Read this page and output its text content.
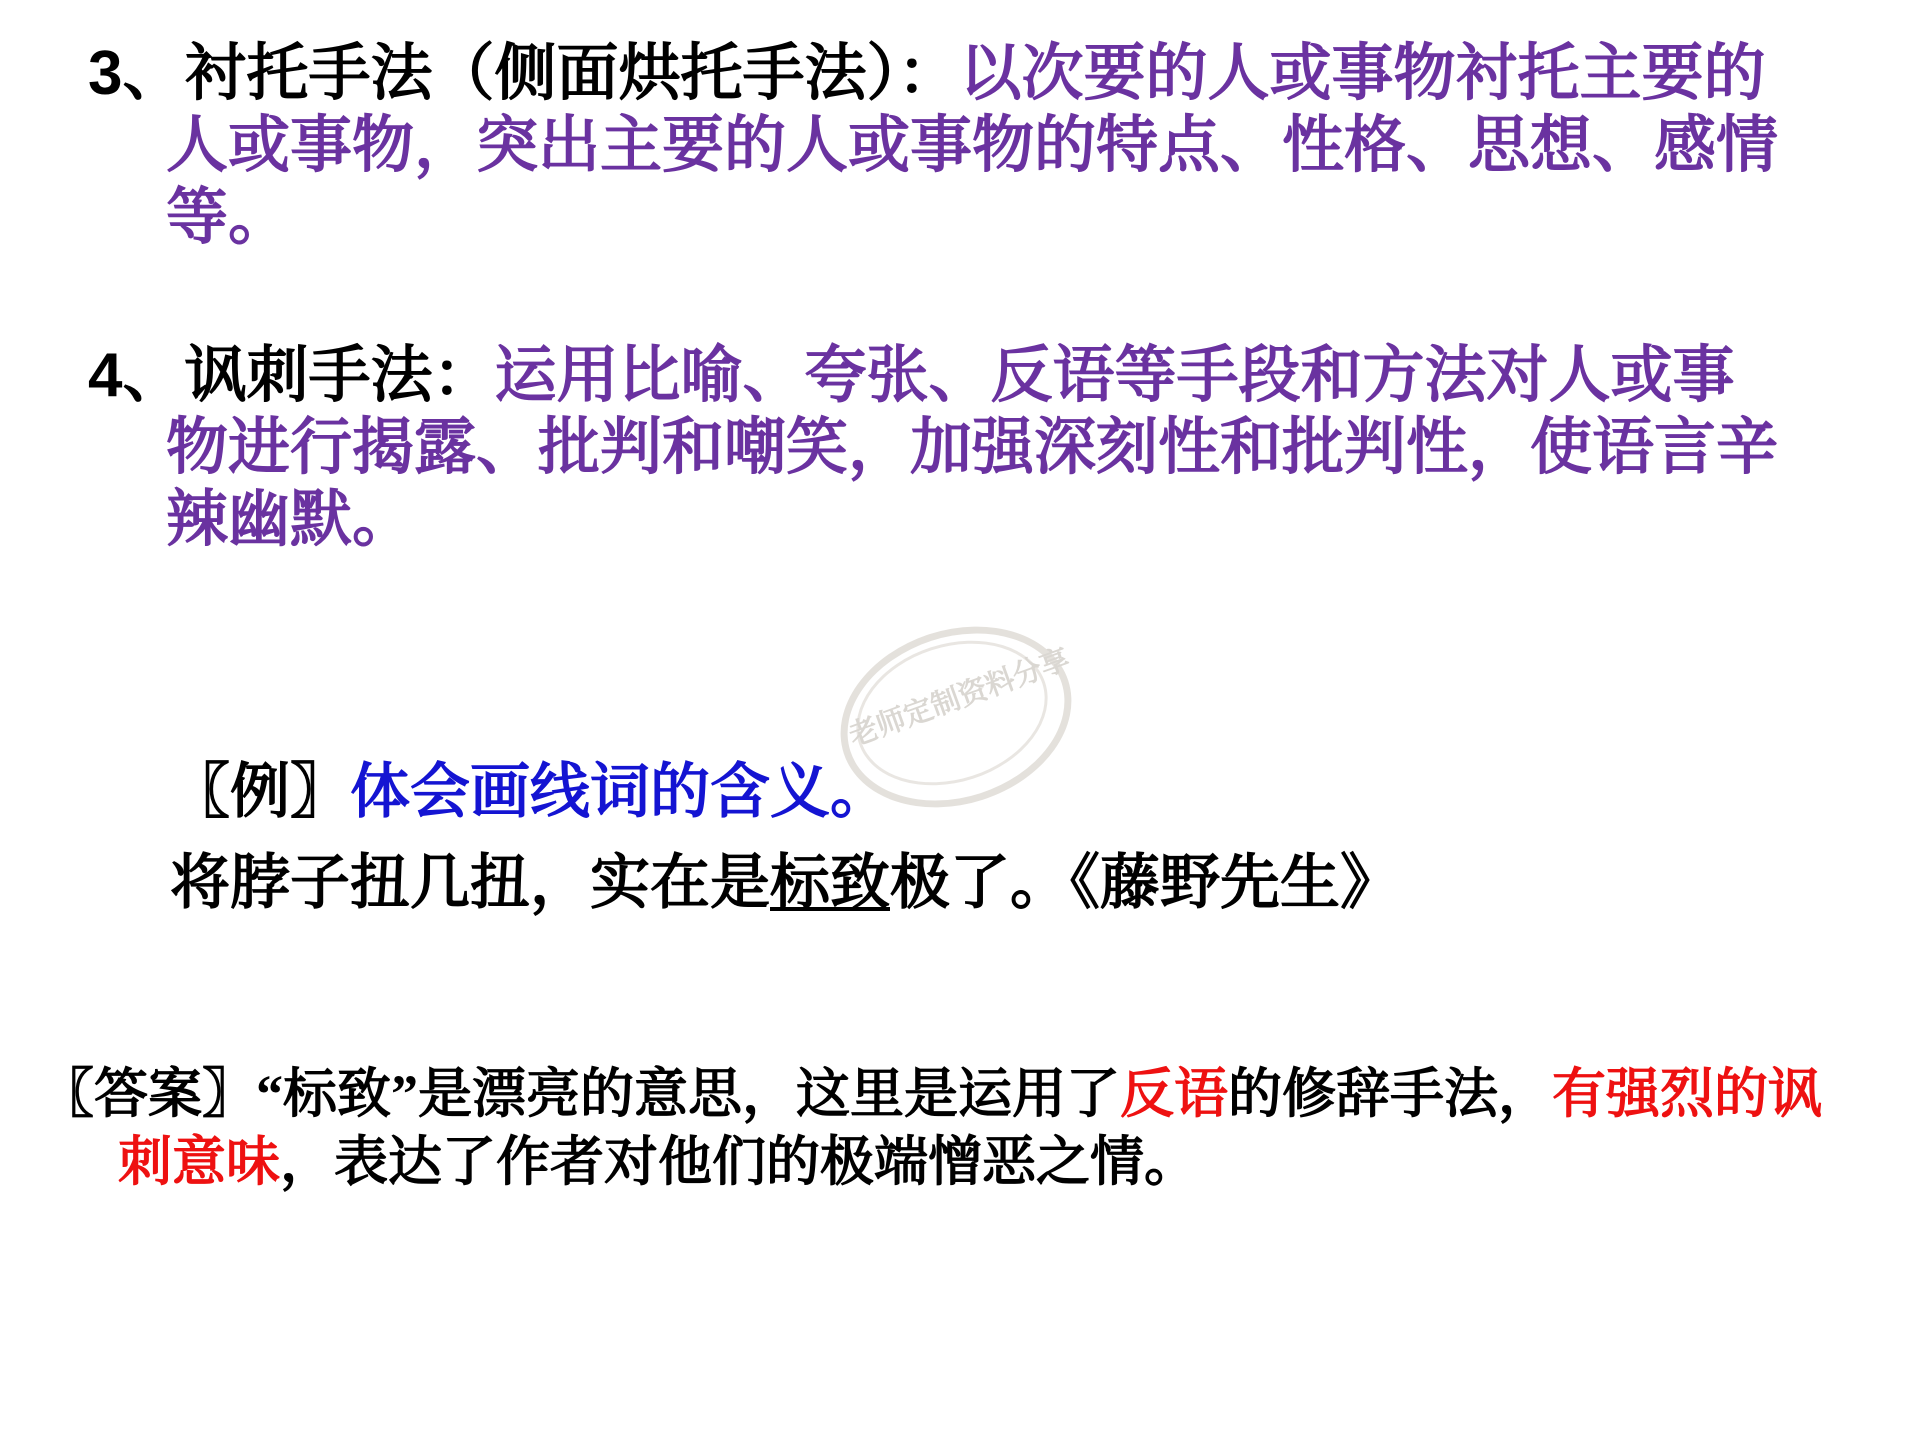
3、衬托手法（侧面烘托手法）：以次要的人或事物衬托主要的人或事物，突出主要的人或事物的特点、性格、思想、感情等。
4、讽刺手法：运用比喻、夸张、反语等手段和方法对人或事物进行揭露、批判和嘲笑，加强深刻性和批判性，使语言辛辣幽默。
老师定制资料分享
〖例〗体会画线词的含义。
将脖子扭几扭，实在是标致极了。《藤野先生》
〖答案〗“标致”是漂亮的意思，这里是运用了反语的修辞手法，有强烈的讽刺意味，表达了作者对他们的极端憎恶之情。
